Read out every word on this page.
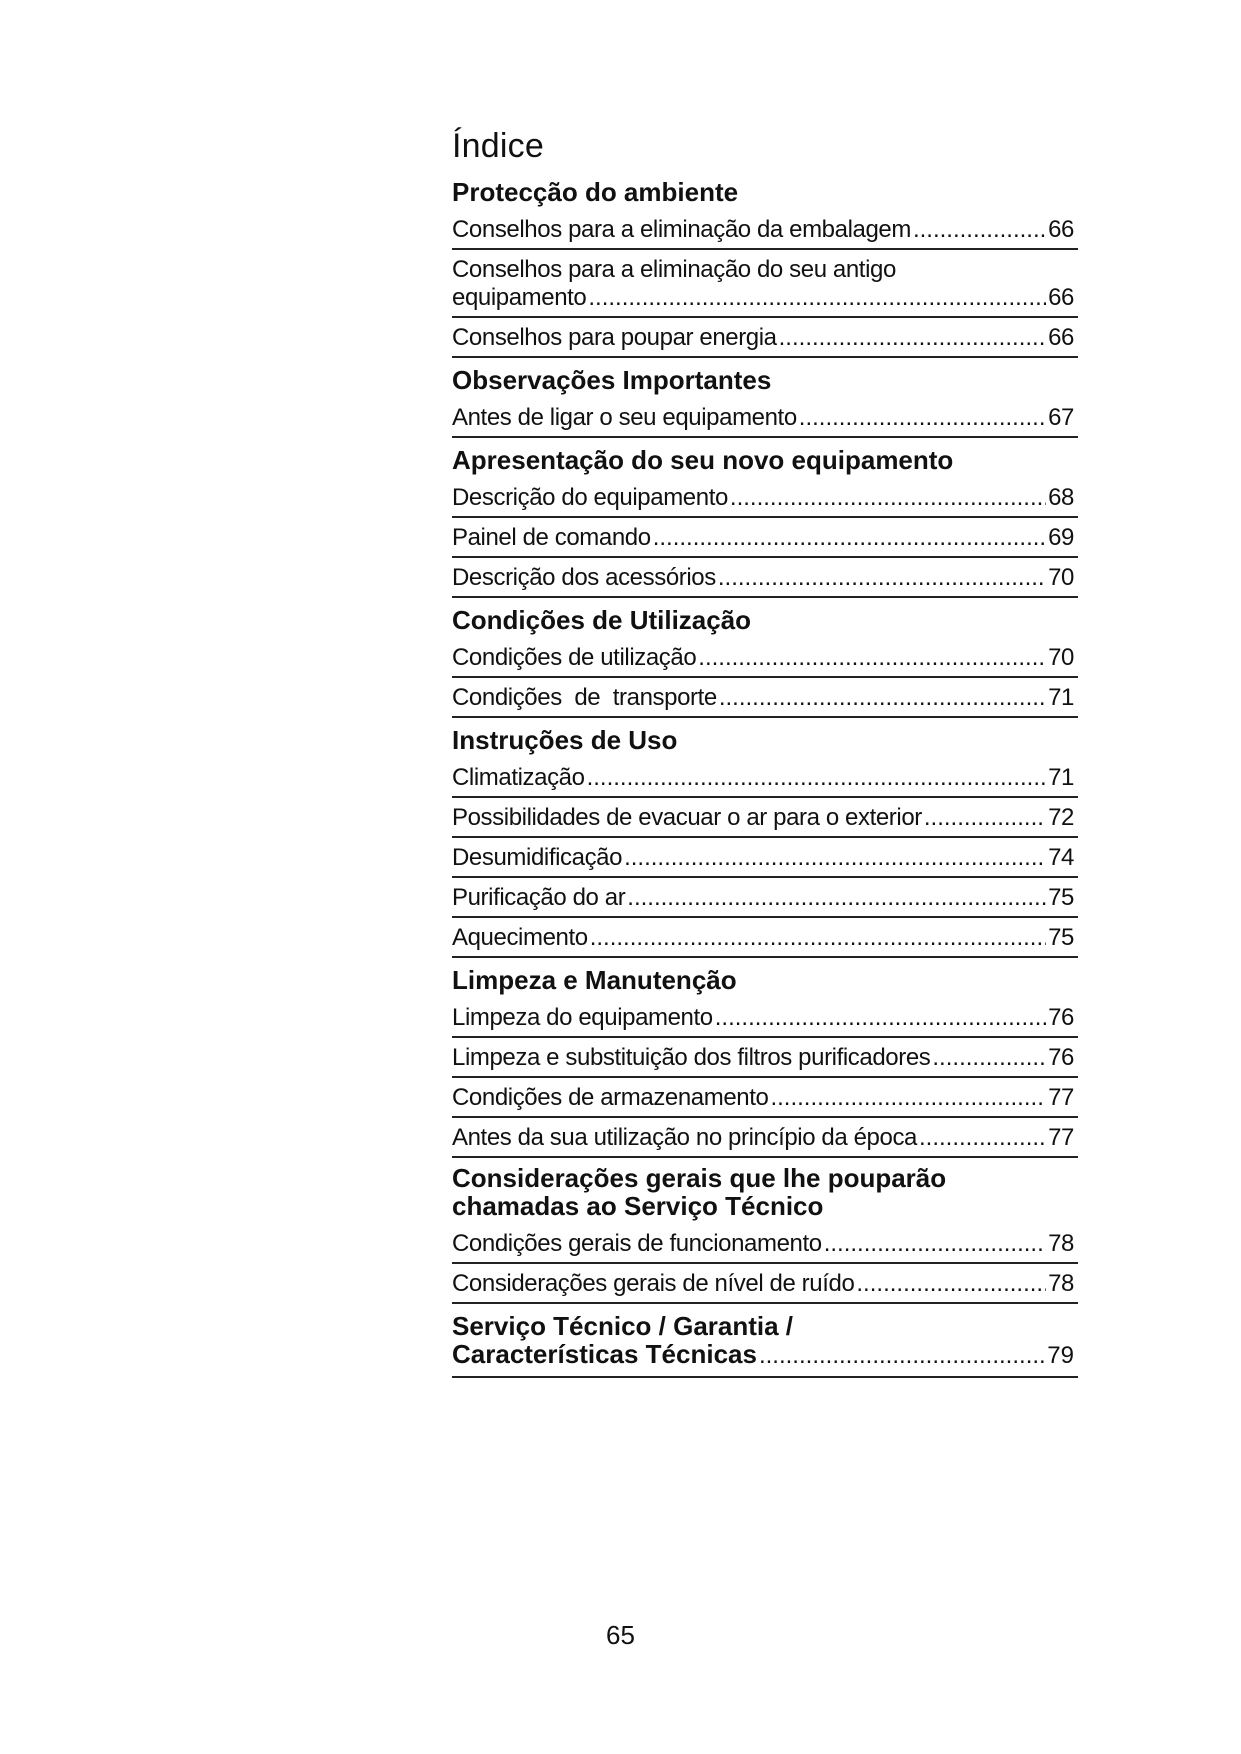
Índice
Protecção do ambiente
Conselhos para a eliminação da embalagem .....	66
Conselhos para a eliminação do seu antigo
equipamento .....	66
Conselhos para poupar energia .....	66
Observações Importantes
Antes de ligar o seu equipamento .....	67
Apresentação do seu novo equipamento
Descrição do equipamento .....	68
Painel de comando .....	69
Descrição dos acessórios .....	70
Condições de Utilização
Condições de utilização .....	70
Condições  de  transporte .....	71
Instruções de Uso
Climatização .....	71
Possibilidades de evacuar o ar para o exterior .....	72
Desumidificação .....	74
Purificação do ar .....	75
Aquecimento .....	75
Limpeza e Manutenção
Limpeza do equipamento .....	76
Limpeza e substituição dos filtros purificadores .....	76
Condições de armazenamento .....	77
Antes da sua utilização no princípio da época .....	77
Considerações gerais que lhe pouparão
chamadas ao Serviço Técnico
Condições gerais de funcionamento .....	78
Considerações gerais de nível de ruído .....	78
Serviço Técnico / Garantia /
Características Técnicas .....	79
65
